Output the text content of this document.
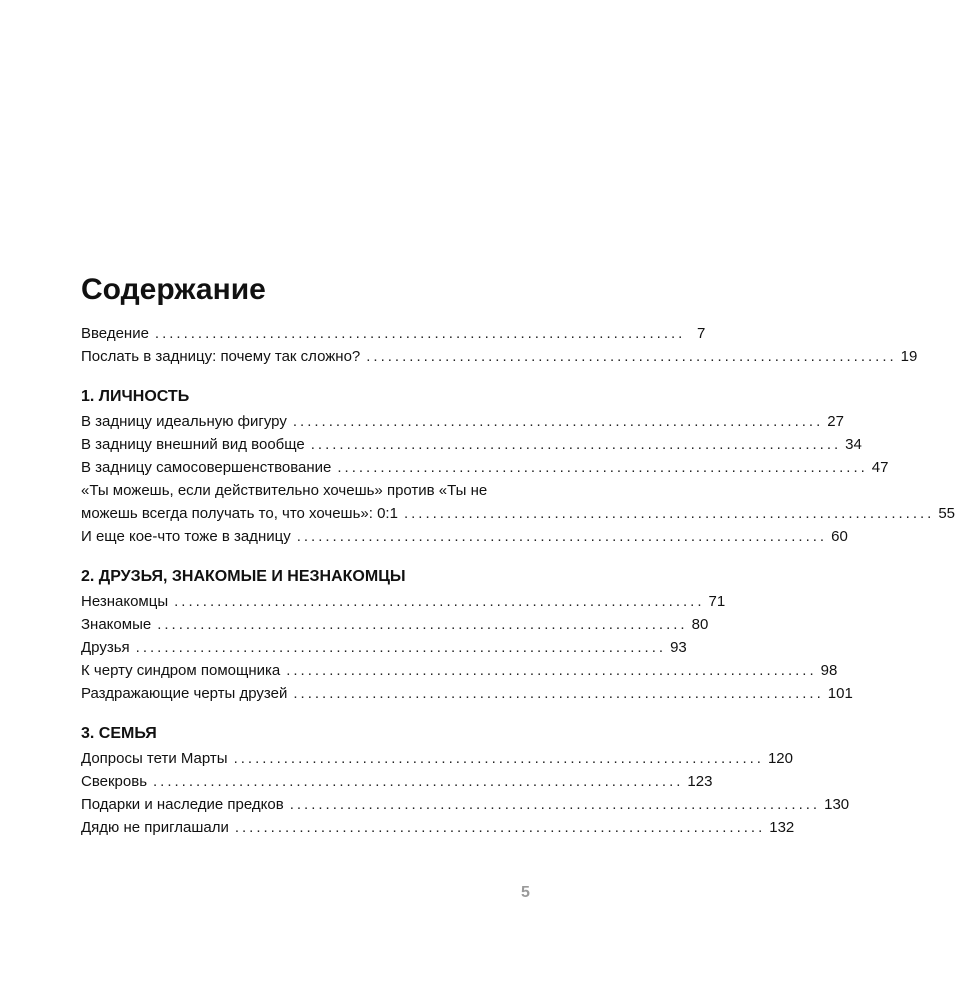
Содержание
Введение .......................................................................... 7
Послать в задницу: почему так сложно? .......................................................................... 19
1. ЛИЧНОСТЬ
В задницу идеальную фигуру .......................................................................... 27
В задницу внешний вид вообще .......................................................................... 34
В задницу самосовершенствование .......................................................................... 47
«Ты можешь, если действительно хочешь» против «Ты не
можешь всегда получать то, что хочешь»: 0:1 .......................................................................... 55
И еще кое-что тоже в задницу .......................................................................... 60
2. ДРУЗЬЯ, ЗНАКОМЫЕ И НЕЗНАКОМЦЫ
Незнакомцы .......................................................................... 71
Знакомые .......................................................................... 80
Друзья .......................................................................... 93
К черту синдром помощника .......................................................................... 98
Раздражающие черты друзей .......................................................................... 101
3. СЕМЬЯ
Допросы тети Марты .......................................................................... 120
Свекровь .......................................................................... 123
Подарки и наследие предков .......................................................................... 130
Дядю не приглашали .......................................................................... 132
5
